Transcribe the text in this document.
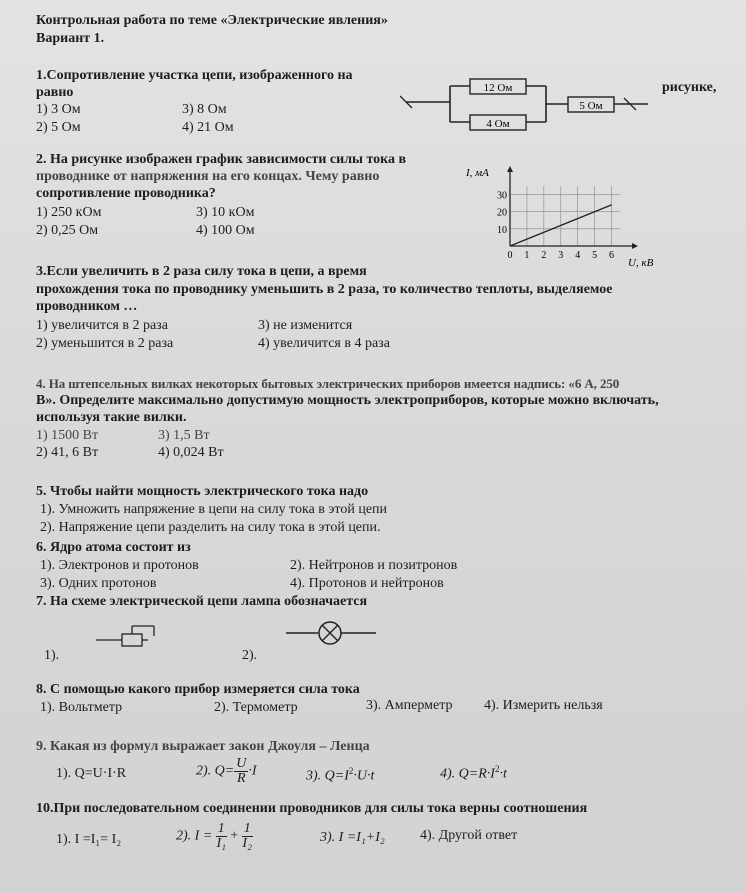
Контрольная работа по теме «Электрические явления»
Вариант 1.
1.Сопротивление участка цепи, изображенного на
рисунке,
равно
1) 3 Ом
2) 5 Ом
3) 8 Ом
4) 21 Ом
12 Ом
4 Ом
5 Ом
2. На рисунке изображен график зависимости силы тока в
проводнике от напряжения на его концах. Чему равно
сопротивление проводника?
1) 250 кОм
2) 0,25 Ом
3) 10 кОм
4) 100 Ом
I, мА
U, кВ
0 1 2 3 4 5 6
10
20
30
3.Если увеличить в 2 раза силу тока в цепи, а время
прохождения тока по проводнику уменьшить в 2 раза, то количество теплоты, выделяемое
проводником …
1) увеличится в 2 раза
2) уменьшится в 2 раза
3) не изменится
4) увеличится в 4 раза
4. На штепсельных вилках некоторых бытовых электрических приборов имеется надпись: «6 А, 250
В». Определите максимально допустимую мощность электроприборов, которые можно включать,
используя такие вилки.
1) 1500 Вт
2) 41, 6 Вт
3) 1,5 Вт
4) 0,024 Вт
5. Чтобы найти мощность электрического тока надо
1). Умножить напряжение в цепи на силу тока в этой цепи
2). Напряжение цепи разделить на силу тока в этой цепи.
6. Ядро атома состоит из
1). Электронов и протонов
3). Одних протонов
2). Нейтронов и позитронов
4). Протонов и нейтронов
7. На схеме электрической цепи лампа обозначается
1).	2).
8. С помощью какого прибор измеряется сила тока
1). Вольтметр	2). Термометр	3). Амперметр 4). Измерить нельзя
9. Какая из формул выражает закон Джоуля – Ленца
1). Q=U·I·R	2). $Q= \frac{U}{R} \cdot I$	3). $Q=I^2\cdot U\cdot t$	4). $Q=R\cdot I^2\cdot t$
10.При последовательном соединении проводников для силы тока верны соотношения
1). I =I₁= I₂	2). $I = \frac{1}{\text{I₁}} + \frac{1}{\text{I₂}}$	3). I =I₁+I₂	4). Другой ответ
